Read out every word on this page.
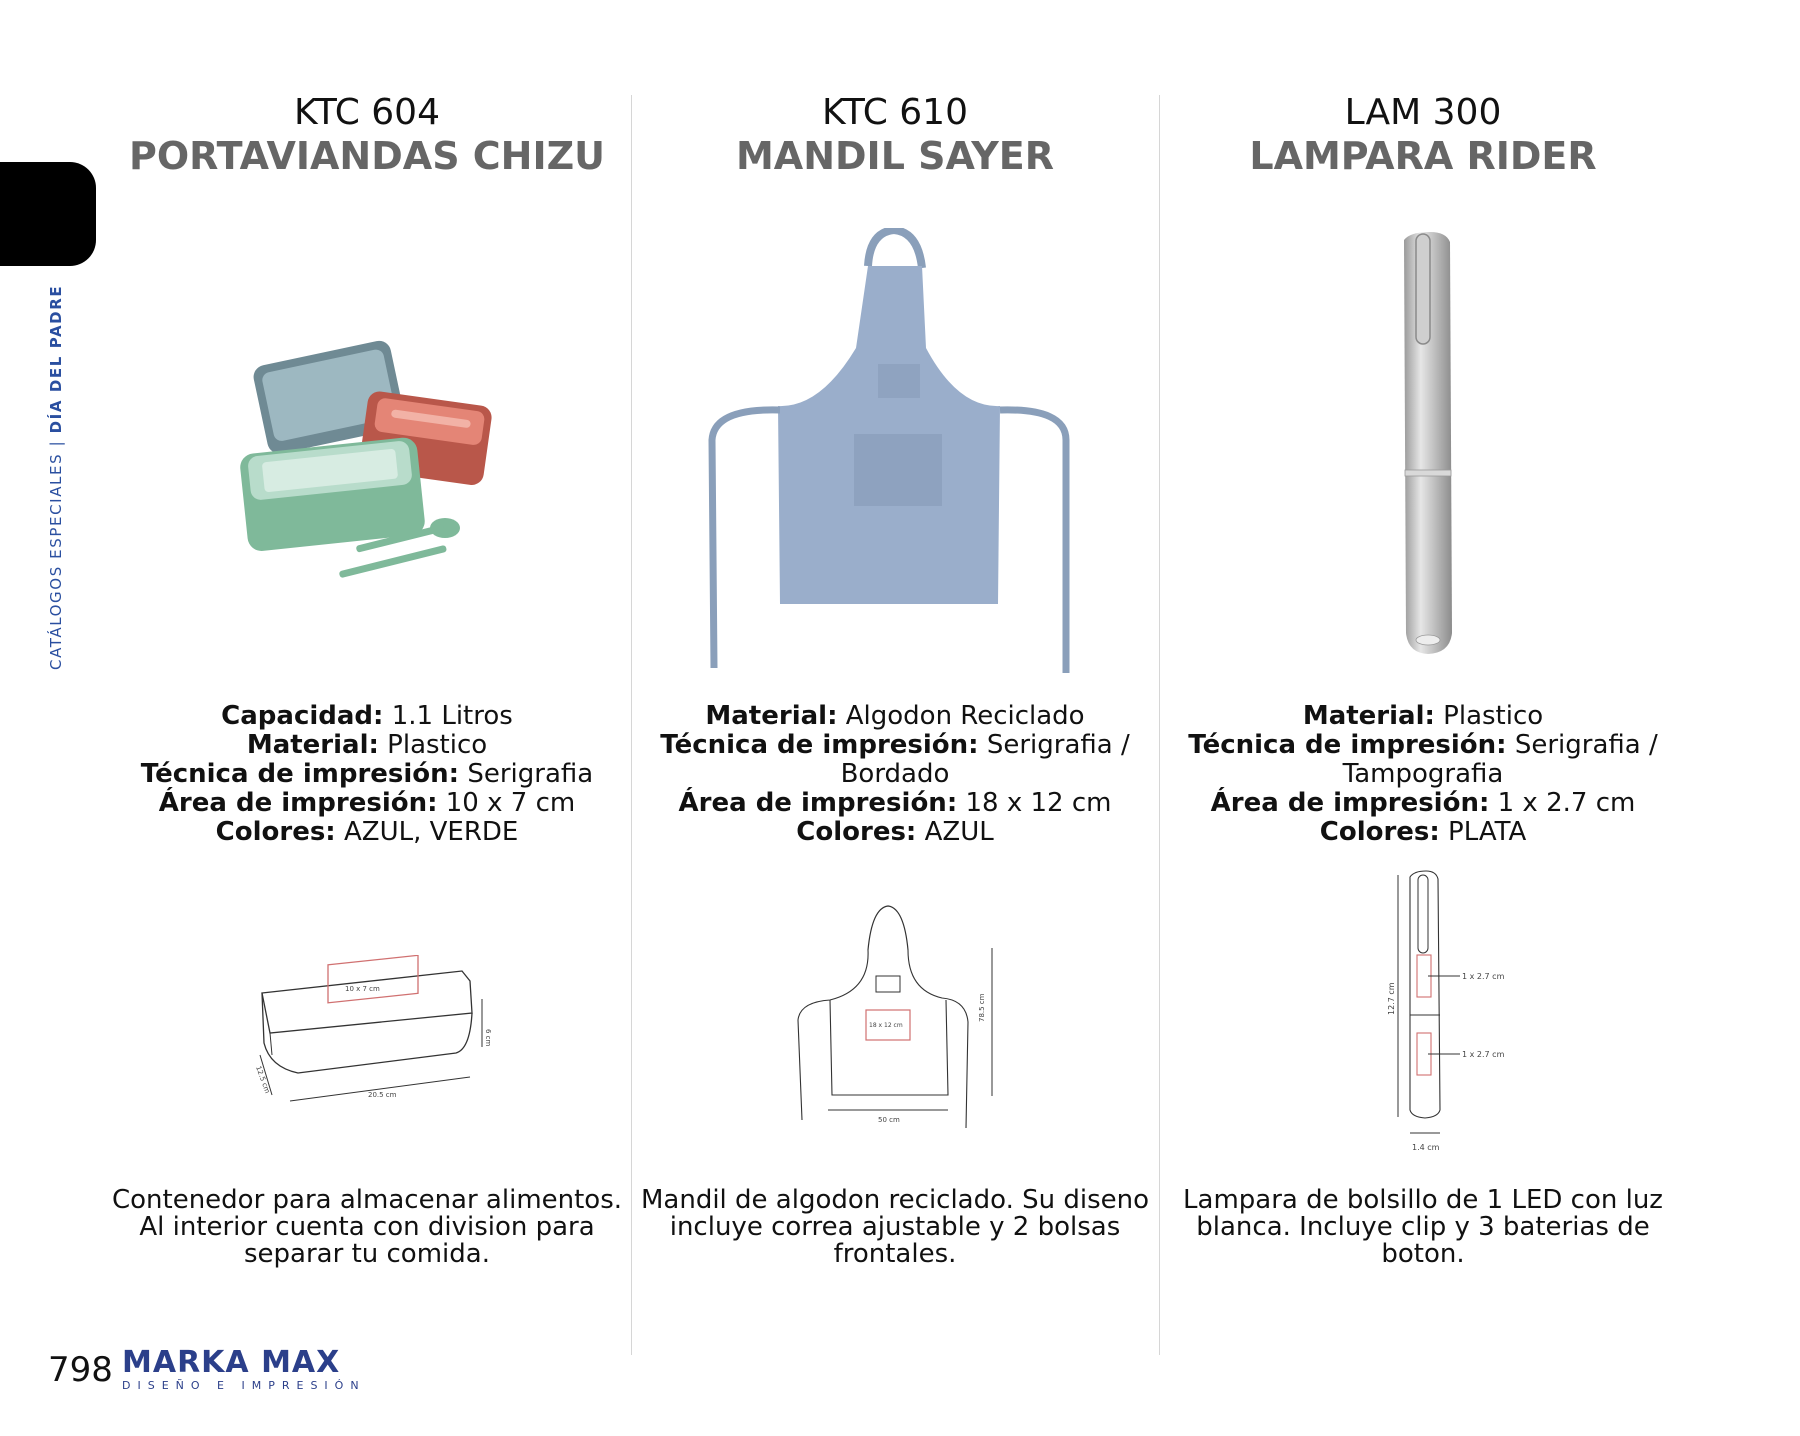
CATÁLOGOS ESPECIALES | DÍA DEL PADRE
KTC 604
PORTAVIANDAS CHIZU
Capacidad: 1.1 Litros
Material: Plastico
Técnica de impresión: Serigrafia
Área de impresión: 10 x 7 cm
Colores: AZUL, VERDE
10 x 7 cm
6 cm
12.5 cm
20.5 cm
Contenedor para almacenar alimentos. Al interior cuenta con division para separar tu comida.
KTC 610
MANDIL SAYER
Material: Algodon Reciclado
Técnica de impresión: Serigrafia / Bordado
Área de impresión: 18 x 12 cm
Colores: AZUL
18 x 12 cm
78.5 cm
50 cm
Mandil de algodon reciclado. Su diseno incluye correa ajustable y 2 bolsas frontales.
LAM 300
LAMPARA RIDER
Material: Plastico
Técnica de impresión: Serigrafia / Tampografia
Área de impresión: 1 x 2.7 cm
Colores: PLATA
12.7 cm
1 x 2.7 cm
1 x 2.7 cm
1.4 cm
Lampara de bolsillo de 1 LED con luz blanca. Incluye clip y 3 baterias de boton.
798 MARKA MAX
DISEÑO E IMPRESIÓN
